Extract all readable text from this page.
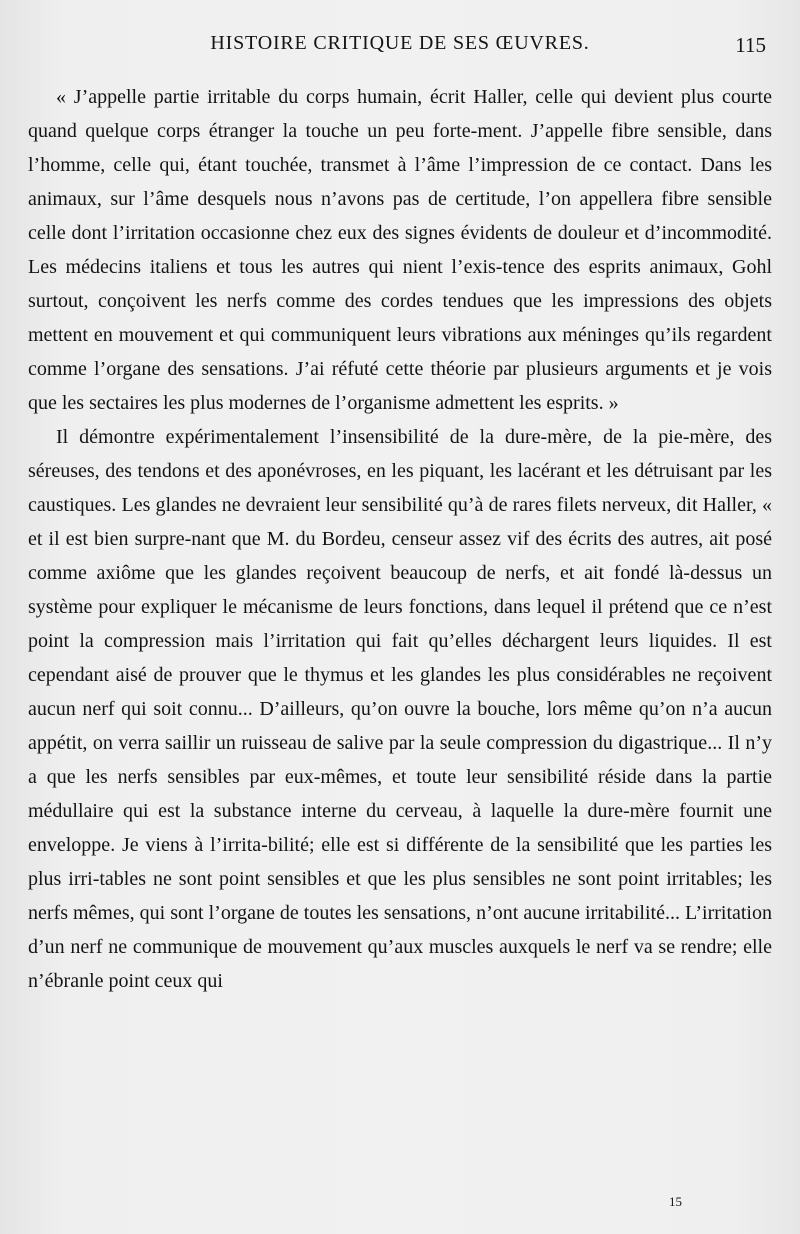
HISTOIRE CRITIQUE DE SES ŒUVRES.	115

« J’appelle partie irritable du corps humain, écrit Haller, celle qui devient plus courte quand quelque corps étranger la touche un peu forte-ment. J’appelle fibre sensible, dans l’homme, celle qui, étant touchée, transmet à l’âme l’impression de ce contact. Dans les animaux, sur l’âme desquels nous n’avons pas de certitude, l’on appellera fibre sensible celle dont l’irritation occasionne chez eux des signes évidents de douleur et d’incommodité. Les médecins italiens et tous les autres qui nient l’exis-tence des esprits animaux, Gohl surtout, conçoivent les nerfs comme des cordes tendues que les impressions des objets mettent en mouvement et qui communiquent leurs vibrations aux méninges qu’ils regardent comme l’organe des sensations. J’ai réfuté cette théorie par plusieurs arguments et je vois que les sectaires les plus modernes de l’organisme admettent les esprits. »

Il démontre expérimentalement l’insensibilité de la dure-mère, de la pie-mère, des séreuses, des tendons et des aponévroses, en les piquant, les lacérant et les détruisant par les caustiques. Les glandes ne devraient leur sensibilité qu’à de rares filets nerveux, dit Haller, « et il est bien surpre-nant que M. du Bordeu, censeur assez vif des écrits des autres, ait posé comme axiôme que les glandes reçoivent beaucoup de nerfs, et ait fondé là-dessus un système pour expliquer le mécanisme de leurs fonctions, dans lequel il prétend que ce n’est point la compression mais l’irritation qui fait qu’elles déchargent leurs liquides. Il est cependant aisé de prouver que le thymus et les glandes les plus considérables ne reçoivent aucun nerf qui soit connu... D’ailleurs, qu’on ouvre la bouche, lors même qu’on n’a aucun appétit, on verra saillir un ruisseau de salive par la seule compression du digastrique... Il n’y a que les nerfs sensibles par eux-mêmes, et toute leur sensibilité réside dans la partie médullaire qui est la substance interne du cerveau, à laquelle la dure-mère fournit une enveloppe. Je viens à l’irrita-bilité; elle est si différente de la sensibilité que les parties les plus irri-tables ne sont point sensibles et que les plus sensibles ne sont point irritables; les nerfs mêmes, qui sont l’organe de toutes les sensations, n’ont aucune irritabilité... L’irritation d’un nerf ne communique de mouvement qu’aux muscles auxquels le nerf va se rendre; elle n’ébranle point ceux qui

15
